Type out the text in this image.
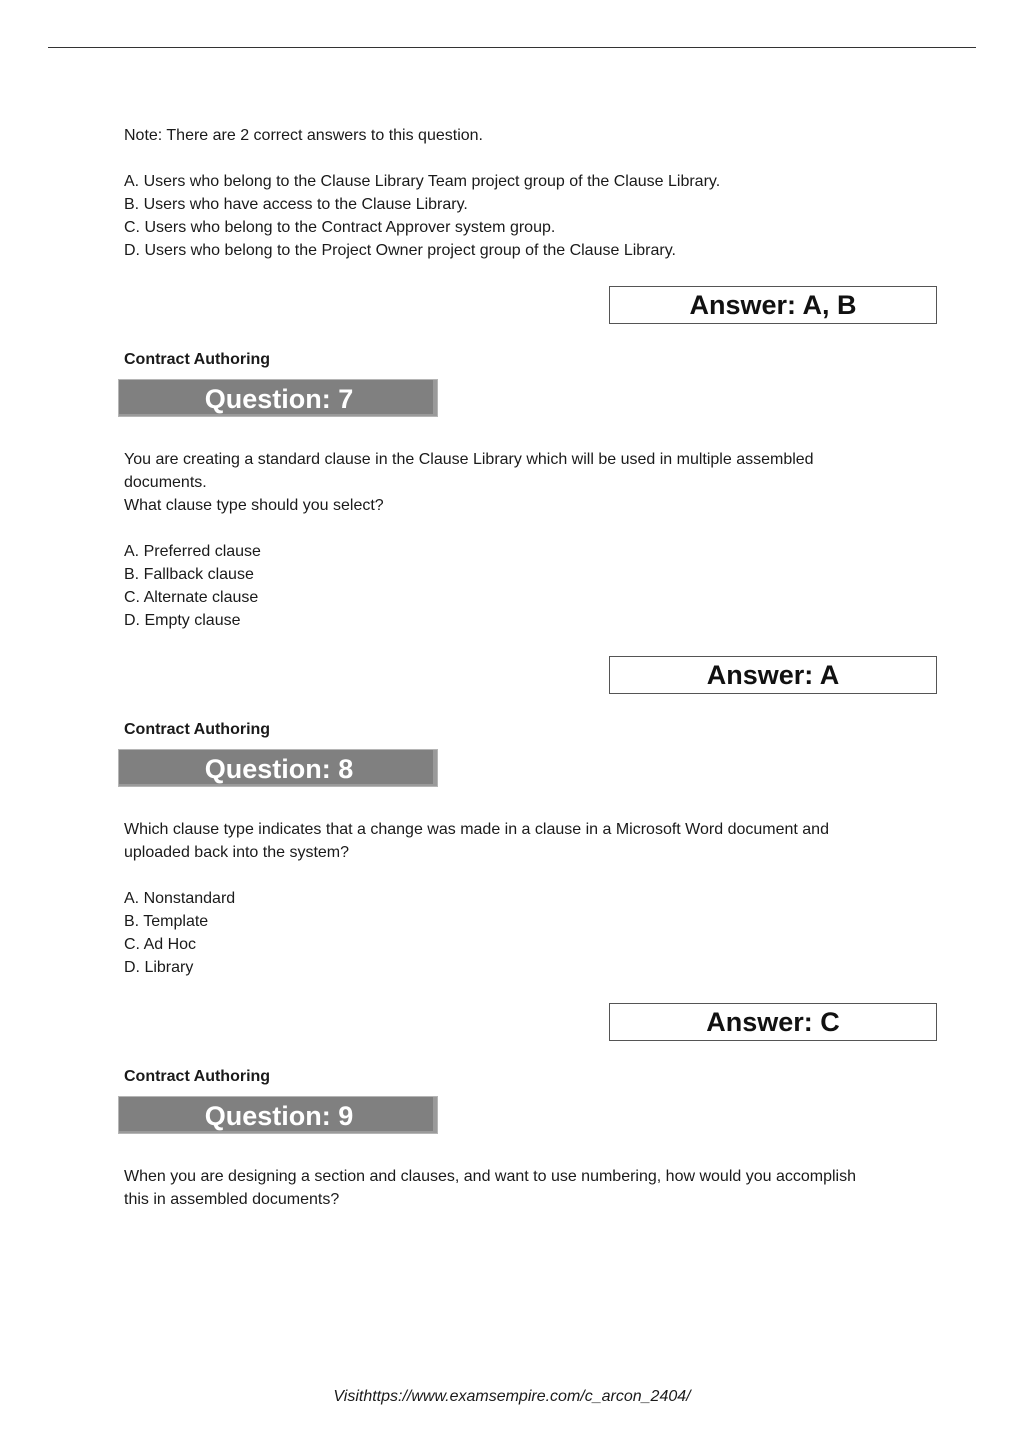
Note: There are 2 correct answers to this question.
A. Users who belong to the Clause Library Team project group of the Clause Library.
B. Users who have access to the Clause Library.
C. Users who belong to the Contract Approver system group.
D. Users who belong to the Project Owner project group of the Clause Library.
Answer: A, B
Contract Authoring
Question: 7
You are creating a standard clause in the Clause Library which will be used in multiple assembled
documents.
What clause type should you select?
A. Preferred clause
B. Fallback clause
C. Alternate clause
D. Empty clause
Answer: A
Contract Authoring
Question: 8
Which clause type indicates that a change was made in a clause in a Microsoft Word document and
uploaded back into the system?
A. Nonstandard
B. Template
C. Ad Hoc
D. Library
Answer: C
Contract Authoring
Question: 9
When you are designing a section and clauses, and want to use numbering, how would you accomplish
this in assembled documents?
Visithttps://www.examsempire.com/c_arcon_2404/
